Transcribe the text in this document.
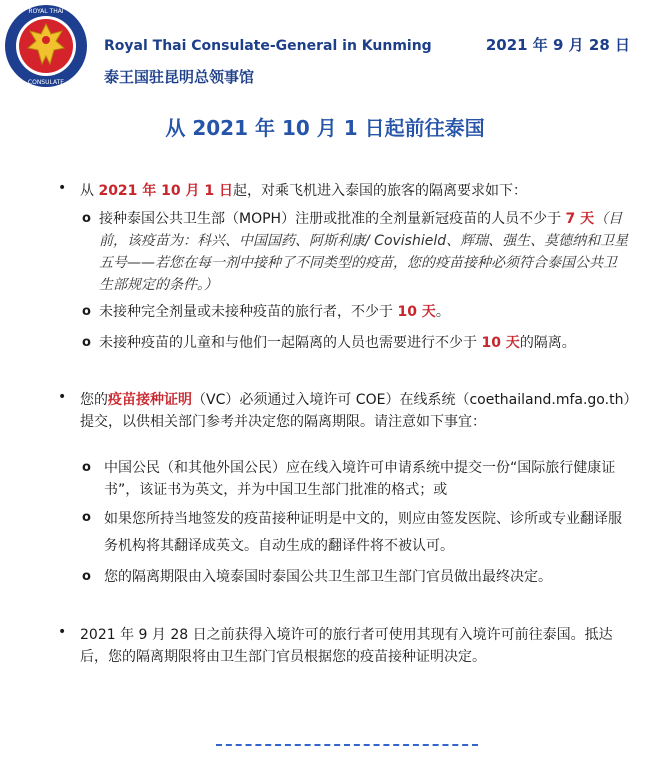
ROYAL THAI
CONSULATE
Royal Thai Consulate-General in Kunming
泰王国驻昆明总领事馆
2021 年 9 月 28 日
从 2021 年 10 月 1 日起前往泰国
• 从 2021 年 10 月 1 日起，对乘飞机进入泰国的旅客的隔离要求如下：
o 接种泰国公共卫生部（MOPH）注册或批准的全剂量新冠疫苗的人员不少于 7 天（目前，该疫苗为：科兴、中国国药、阿斯利康/ Covishield、辉瑞、强生、莫德纳和卫星五号——若您在每一剂中接种了不同类型的疫苗，您的疫苗接种必须符合泰国公共卫生部规定的条件。）
o 未接种完全剂量或未接种疫苗的旅行者，不少于 10 天。
o 未接种疫苗的儿童和与他们一起隔离的人员也需要进行不少于 10 天的隔离。
• 您的疫苗接种证明（VC）必须通过入境许可 COE）在线系统（coethailand.mfa.go.th）提交，以供相关部门参考并决定您的隔离期限。请注意如下事宜：
o 中国公民（和其他外国公民）应在线入境许可申请系统中提交一份“国际旅行健康证书”，该证书为英文，并为中国卫生部门批准的格式；或
o 如果您所持当地签发的疫苗接种证明是中文的，则应由签发医院、诊所或专业翻译服务机构将其翻译成英文。自动生成的翻译件将不被认可。
o 您的隔离期限由入境泰国时泰国公共卫生部卫生部门官员做出最终决定。
• 2021 年 9 月 28 日之前获得入境许可的旅行者可使用其现有入境许可前往泰国。抵达后，您的隔离期限将由卫生部门官员根据您的疫苗接种证明决定。
